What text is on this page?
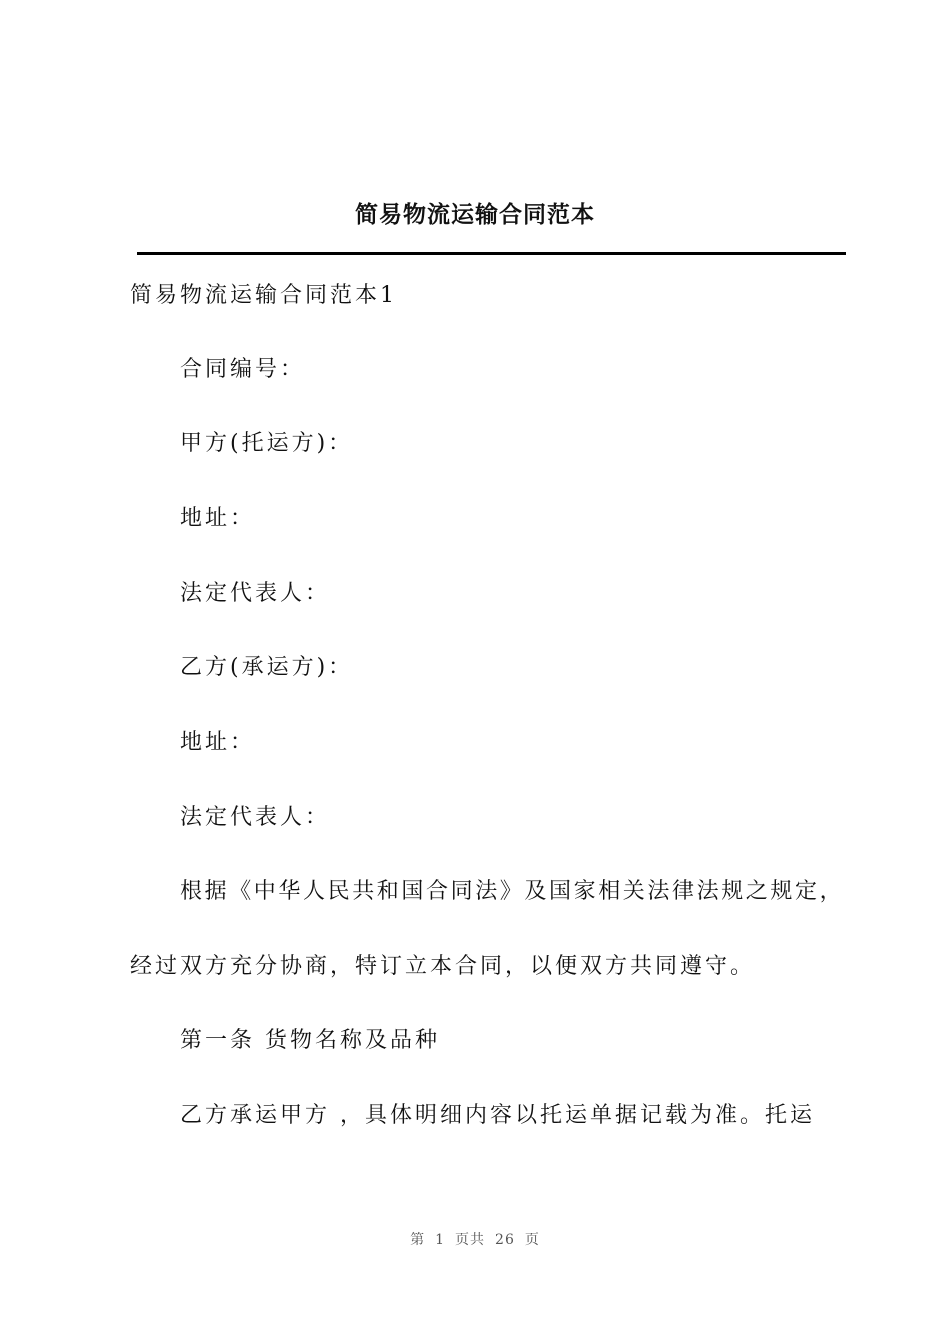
简易物流运输合同范本
简易物流运输合同范本1
合同编号：
甲方(托运方)：
地址：
法定代表人：
乙方(承运方)：
地址：
法定代表人：
根据《中华人民共和国合同法》及国家相关法律法规之规定，
经过双方充分协商，特订立本合同，以便双方共同遵守。
第一条 货物名称及品种
乙方承运甲方 ，具体明细内容以托运单据记载为准。托运
第 1 页共 26 页
